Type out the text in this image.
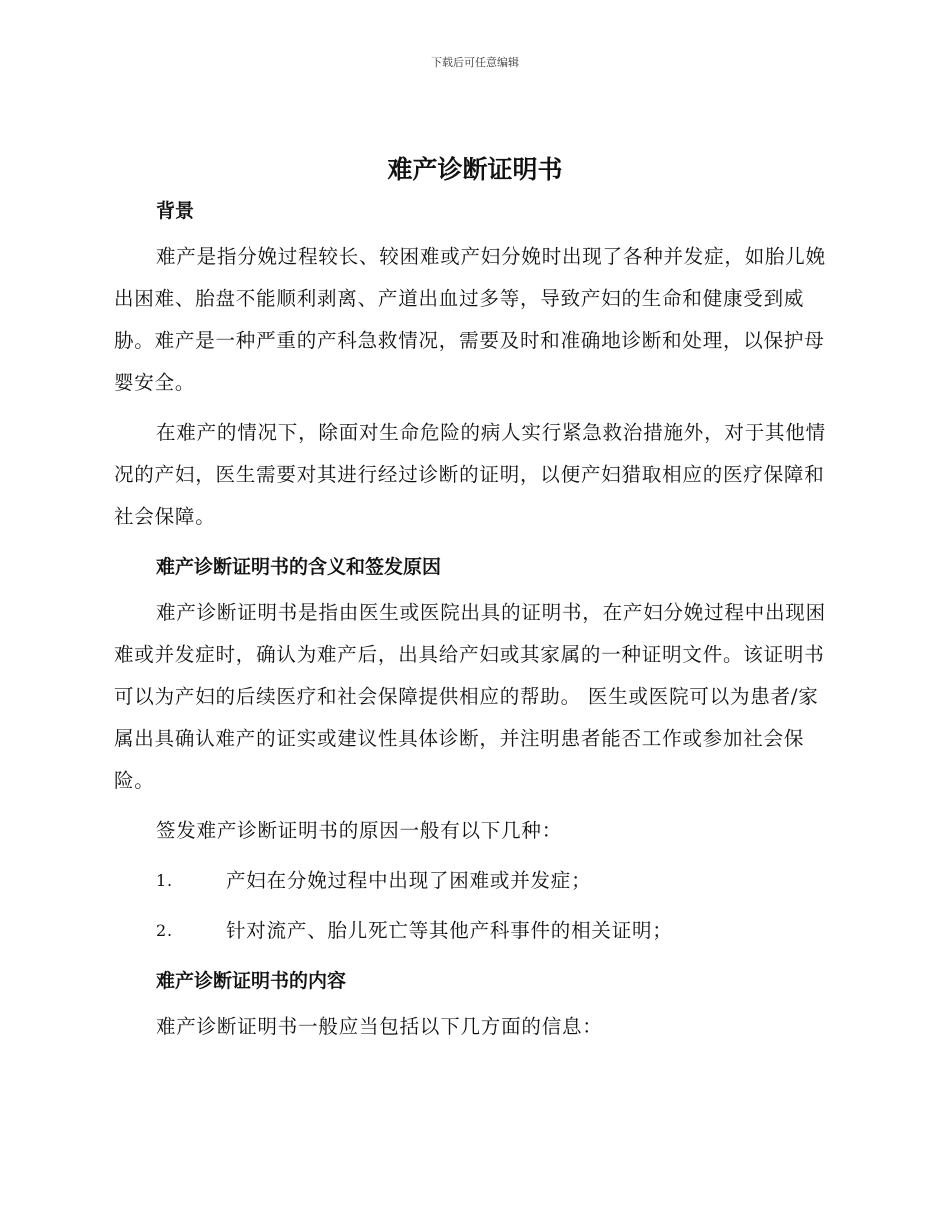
下载后可任意编辑
难产诊断证明书
背景

难产是指分娩过程较长、较困难或产妇分娩时出现了各种并发症，如胎儿娩出困难、胎盘不能顺利剥离、产道出血过多等，导致产妇的生命和健康受到威胁。难产是一种严重的产科急救情况，需要及时和准确地诊断和处理，以保护母婴安全。

在难产的情况下，除面对生命危险的病人实行紧急救治措施外，对于其他情况的产妇，医生需要对其进行经过诊断的证明，以便产妇猎取相应的医疗保障和社会保障。

难产诊断证明书的含义和签发原因

难产诊断证明书是指由医生或医院出具的证明书，在产妇分娩过程中出现困难或并发症时，确认为难产后，出具给产妇或其家属的一种证明文件。该证明书可以为产妇的后续医疗和社会保障提供相应的帮助。 医生或医院可以为患者/家属出具确认难产的证实或建议性具体诊断，并注明患者能否工作或参加社会保险。

签发难产诊断证明书的原因一般有以下几种：

1.	产妇在分娩过程中出现了困难或并发症；
2.	针对流产、胎儿死亡等其他产科事件的相关证明；
难产诊断证明书的内容

难产诊断证明书一般应当包括以下几方面的信息：
